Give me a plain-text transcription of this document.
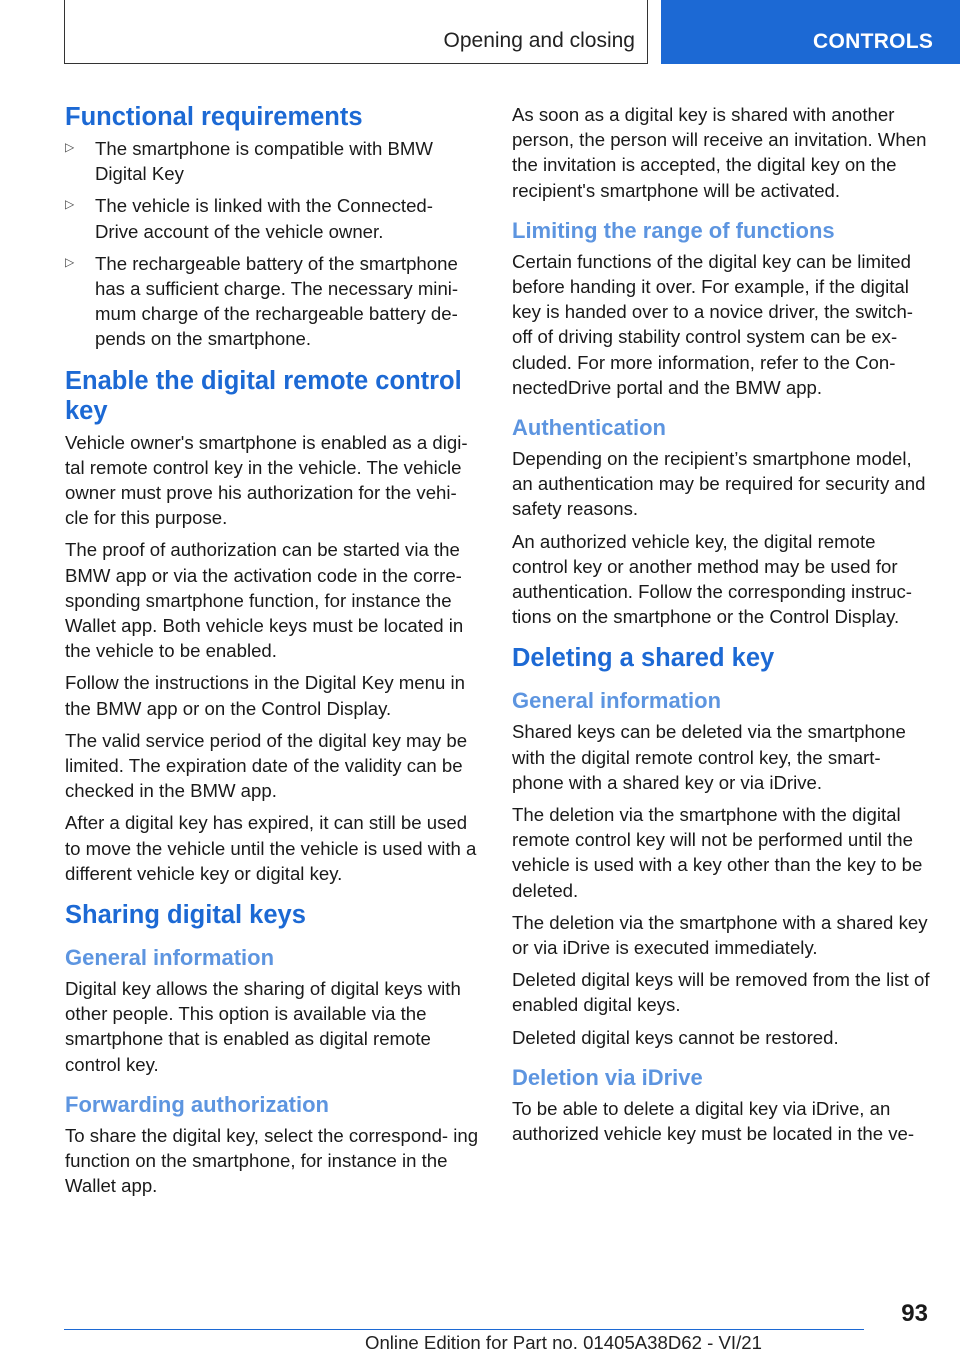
Opening and closing	CONTROLS
Functional requirements
▷ The smartphone is compatible with BMW Digital Key

▷ The vehicle is linked with the Connected‐ Drive account of the vehicle owner.

▷ The rechargeable battery of the smartphone has a sufficient charge. The necessary mini‐ mum charge of the rechargeable battery de‐ pends on the smartphone.

Enable the digital remote control key

Vehicle owner's smartphone is enabled as a digi‐ tal remote control key in the vehicle. The vehicle owner must prove his authorization for the vehi‐ cle for this purpose.

The proof of authorization can be started via the BMW app or via the activation code in the corre‐ sponding smartphone function, for instance the Wallet app. Both vehicle keys must be located in the vehicle to be enabled.

Follow the instructions in the Digital Key menu in the BMW app or on the Control Display.

The valid service period of the digital key may be limited. The expiration date of the validity can be checked in the BMW app.

After a digital key has expired, it can still be used to move the vehicle until the vehicle is used with a different vehicle key or digital key.

Sharing digital keys
General information

Digital key allows the sharing of digital keys with other people. This option is available via the smartphone that is enabled as digital remote control key.

Forwarding authorization

To share the digital key, select the correspond‐ ing function on the smartphone, for instance in the Wallet app.

As soon as a digital key is shared with another person, the person will receive an invitation. When the invitation is accepted, the digital key on the recipient's smartphone will be activated.

Limiting the range of functions

Certain functions of the digital key can be limited before handing it over. For example, if the digital key is handed over to a novice driver, the switch‐ off of driving stability control system can be ex‐ cluded. For more information, refer to the Con‐ nectedDrive portal and the BMW app.

Authentication

Depending on the recipient’s smartphone model, an authentication may be required for security and safety reasons.

An authorized vehicle key, the digital remote control key or another method may be used for authentication. Follow the corresponding instruc‐ tions on the smartphone or the Control Display.

Deleting a shared key
General information

Shared keys can be deleted via the smartphone with the digital remote control key, the smart‐ phone with a shared key or via iDrive.

The deletion via the smartphone with the digital remote control key will not be performed until the vehicle is used with a key other than the key to be deleted.

The deletion via the smartphone with a shared key or via iDrive is executed immediately.

Deleted digital keys will be removed from the list of enabled digital keys.

Deleted digital keys cannot be restored.

Deletion via iDrive

To be able to delete a digital key via iDrive, an authorized vehicle key must be located in the ve‐

93
Online Edition for Part no. 01405A38D62 - VI/21
